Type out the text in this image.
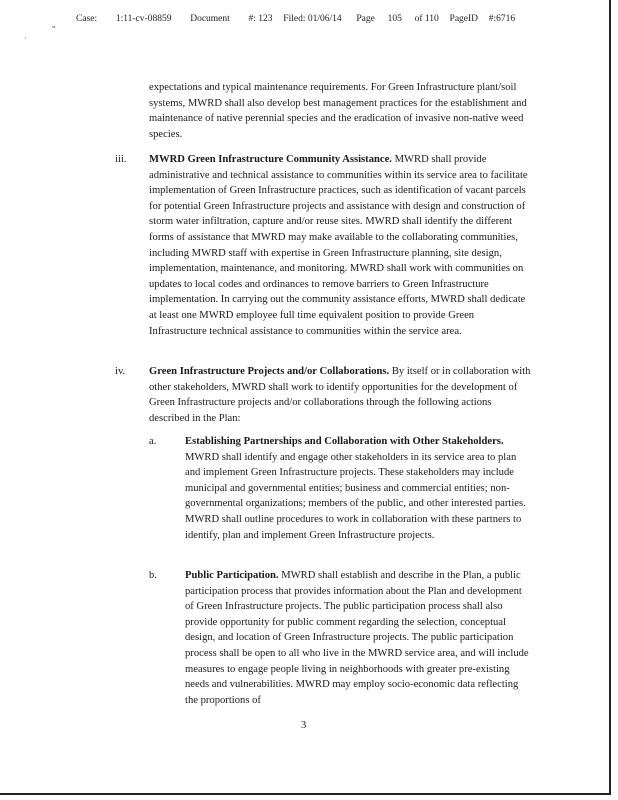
Case: 1:11-cv-08859 Document #: 123 Filed: 01/06/14 Page 105 of 110 PageID #:6716
„
·
expectations and typical maintenance requirements. For Green Infrastructure plant/soil systems, MWRD shall also develop best management practices for the establishment and maintenance of native perennial species and the eradication of invasive non-native weed species.
iii. MWRD Green Infrastructure Community Assistance. MWRD shall provide administrative and technical assistance to communities within its service area to facilitate implementation of Green Infrastructure practices, such as identification of vacant parcels for potential Green Infrastructure projects and assistance with design and construction of storm water infiltration, capture and/or reuse sites. MWRD shall identify the different forms of assistance that MWRD may make available to the collaborating communities, including MWRD staff with expertise in Green Infrastructure planning, site design, implementation, maintenance, and monitoring. MWRD shall work with communities on updates to local codes and ordinances to remove barriers to Green Infrastructure implementation. In carrying out the community assistance efforts, MWRD shall dedicate at least one MWRD employee full time equivalent position to provide Green Infrastructure technical assistance to communities within the service area.
iv. Green Infrastructure Projects and/or Collaborations. By itself or in collaboration with other stakeholders, MWRD shall work to identify opportunities for the development of Green Infrastructure projects and/or collaborations through the following actions described in the Plan:
a.	Establishing Partnerships and Collaboration with Other Stakeholders. MWRD shall identify and engage other stakeholders in its service area to plan and implement Green Infrastructure projects. These stakeholders may include municipal and governmental entities; business and commercial entities; non-governmental organizations; members of the public, and other interested parties. MWRD shall outline procedures to work in collaboration with these partners to identify, plan and implement Green Infrastructure projects.
b.	Public Participation. MWRD shall establish and describe in the Plan, a public participation process that provides information about the Plan and development of Green Infrastructure projects. The public participation process shall also provide opportunity for public comment regarding the selection, conceptual design, and location of Green Infrastructure projects. The public participation process shall be open to all who live in the MWRD service area, and will include measures to engage people living in neighborhoods with greater pre-existing needs and vulnerabilities. MWRD may employ socio-economic data reflecting the proportions of
3
